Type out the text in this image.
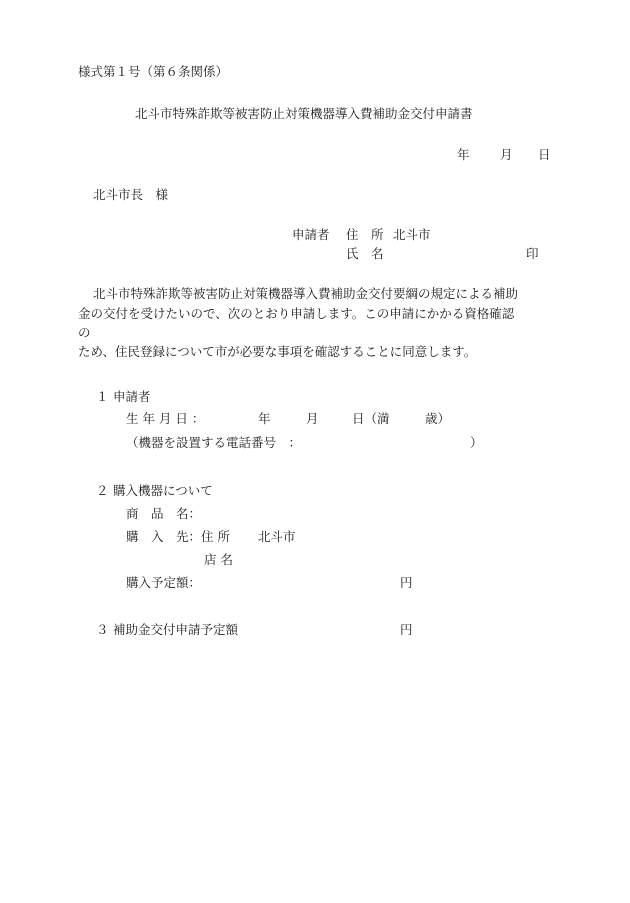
様式第１号（第６条関係）
北斗市特殊詐欺等被害防止対策機器導入費補助金交付申請書
年 月 日
北斗市長　様
申請者 住　所 北斗市
氏　名	印
北斗市特殊詐欺等被害防止対策機器導入費補助金交付要綱の規定による補助
金の交付を受けたいので、次のとおり申請します。この申請にかかる資格確認
の
ため、住民登録について市が必要な事項を確認することに同意します。
１ 申請者
生 年 月 日 ：	年	月	日（満	歳）
（機器を設置する電話番号　：	）
２ 購入機器について
商　品　名：
購　入　先：住 所 北斗市
店 名
購入予定額：	円
３ 補助金交付申請予定額	円
